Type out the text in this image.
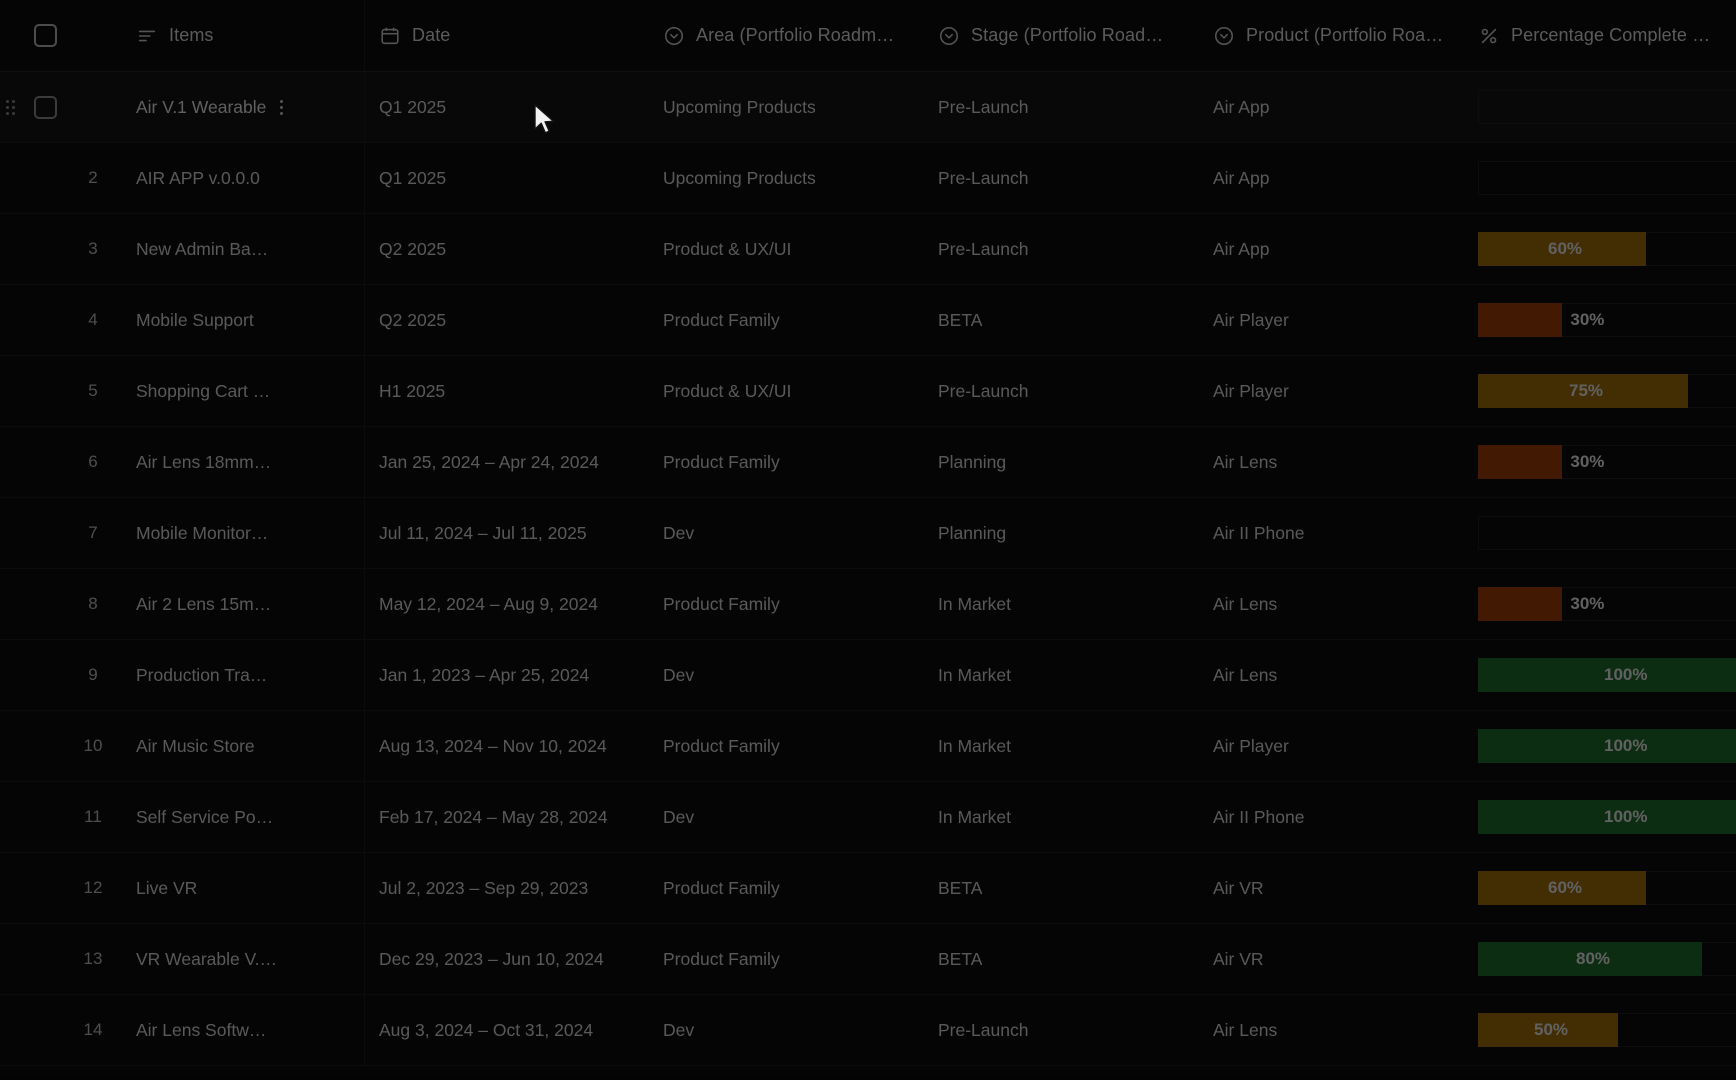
Items	Date	Area (Portfolio Roadm…	Stage (Portfolio Road…	Product (Portfolio Roa…	Percentage Complete …
Air V.1 Wearable	Q1 2025	Upcoming Products	Pre-Launch	Air App
2 AIR APP v.0.0.0	Q1 2025	Upcoming Products	Pre-Launch	Air App
3 New Admin Ba…	Q2 2025	Product & UX/UI	Pre-Launch	Air App	60%
4 Mobile Support	Q2 2025	Product Family	BETA	Air Player	30%
5 Shopping Cart …	H1 2025	Product & UX/UI	Pre-Launch	Air Player	75%
6 Air Lens 18mm…	Jan 25, 2024 – Apr 24, 2024	Product Family	Planning	Air Lens	30%
7 Mobile Monitor…	Jul 11, 2024 – Jul 11, 2025	Dev	Planning	Air II Phone
8 Air 2 Lens 15m…	May 12, 2024 – Aug 9, 2024	Product Family	In Market	Air Lens	30%
9 Production Tra…	Jan 1, 2023 – Apr 25, 2024	Dev	In Market	Air Lens	100%
10 Air Music Store	Aug 13, 2024 – Nov 10, 2024	Product Family	In Market	Air Player	100%
11 Self Service Po…	Feb 17, 2024 – May 28, 2024	Dev	In Market	Air II Phone	100%
12 Live VR	Jul 2, 2023 – Sep 29, 2023	Product Family	BETA	Air VR	60%
13 VR Wearable V.…	Dec 29, 2023 – Jun 10, 2024	Product Family	BETA	Air VR	80%
14 Air Lens Softw…	Aug 3, 2024 – Oct 31, 2024	Dev	Pre-Launch	Air Lens	50%
